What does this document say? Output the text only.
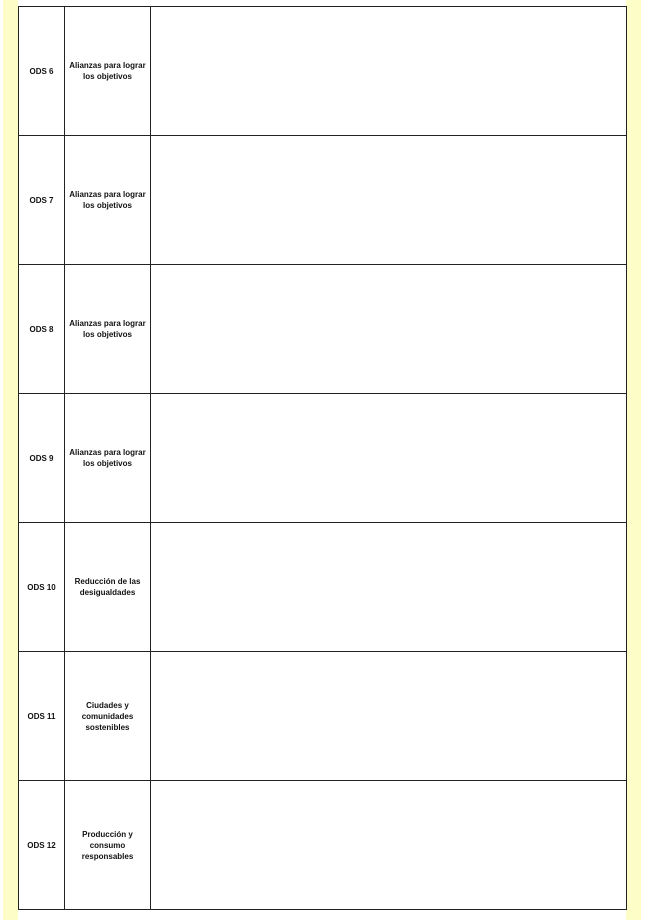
ODS 6	Alianzas para lograr
los objetivos	

ODS 7	Alianzas para lograr
los objetivos	

ODS 8	Alianzas para lograr
los objetivos	

ODS 9	Alianzas para lograr
los objetivos	

ODS 10	Reducción de las
desigualdades	

ODS 11	Ciudades y
comunidades
sostenibles	

ODS 12	Producción y
consumo
responsables	
